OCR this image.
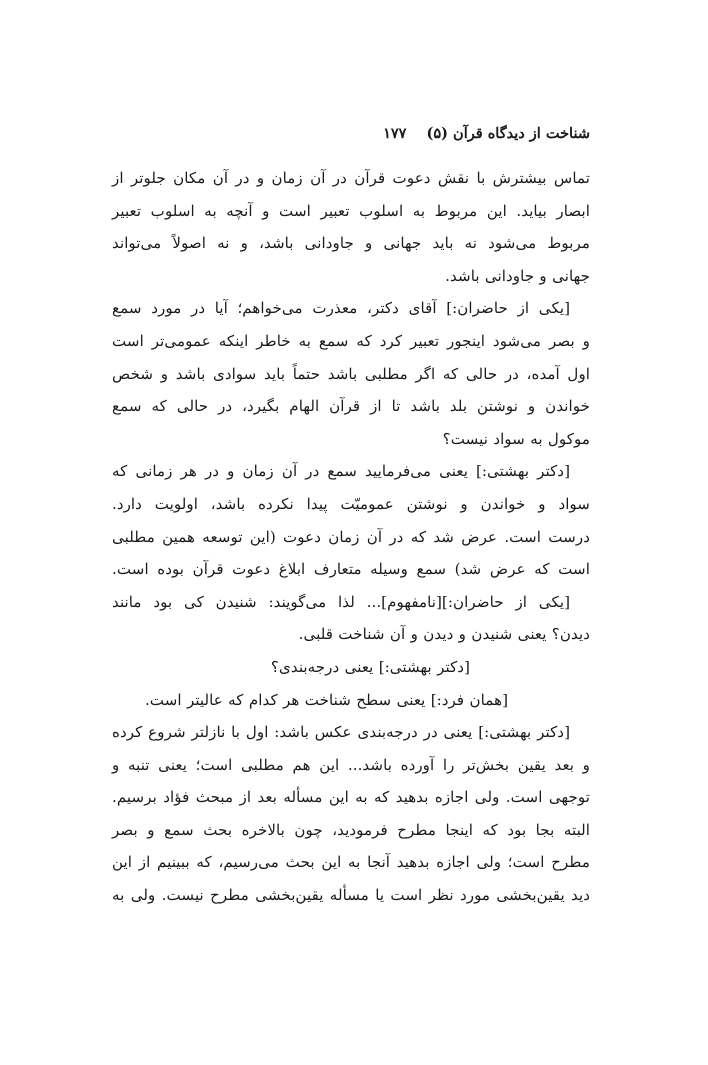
شناخت از دیدگاه قرآن (۵)
۱۷۷
تماس بیشترش با نقش دعوت قرآن در آن زمان و در آن مکان جلوتر از
ابصار بیاید. این مربوط به اسلوب تعبیر است و آنچه به اسلوب تعبیر
مربوط می‌شود نه باید جهانی و جاودانی باشد، و نه اصولاً می‌تواند
جهانی و جاودانی باشد.
[یکی از حاضران:] آقای دکتر، معذرت می‌خواهم؛ آیا در مورد سمع
و بصر می‌شود اینجور تعبیر کرد که سمع به خاطر اینکه عمومی‌تر است
اول آمده، در حالی که اگر مطلبی باشد حتماً باید سوادی باشد و شخص
خواندن و نوشتن بلد باشد تا از قرآن الهام بگیرد، در حالی که سمع
موکول به سواد نیست؟
[دکتر بهشتی:] یعنی می‌فرمایید سمع در آن زمان و در هر زمانی که
سواد و خواندن و نوشتن عمومیّت پیدا نکرده باشد، اولویت دارد.
درست است. عرض شد که در آن زمان دعوت (این توسعه همین مطلبی
است که عرض شد) سمع وسیله متعارف ابلاغ دعوت قرآن بوده است.
[یکی از حاضران:][نامفهوم]... لذا می‌گویند: شنیدن کی بود مانند
دیدن؟ یعنی شنیدن و دیدن و آن شناخت قلبی.
[دکتر بهشتی:] یعنی درجه‌بندی؟
[همان فرد:] یعنی سطح شناخت هر کدام که عالیتر است.
[دکتر بهشتی:] یعنی در درجه‌بندی عکس باشد: اول با نازلتر شروع کرده
و بعد یقین بخش‌تر را آورده باشد... این هم مطلبی است؛ یعنی تنبه و
توجهی است. ولی اجازه بدهید که به این مسأله بعد از مبحث فؤاد برسیم.
البته بجا بود که اینجا مطرح فرمودید، چون بالاخره بحث سمع و بصر
مطرح است؛ ولی اجازه بدهید آنجا به این بحث می‌رسیم، که ببینیم از این
دید یقین‌بخشی مورد نظر است یا مسأله یقین‌بخشی مطرح نیست. ولی به
